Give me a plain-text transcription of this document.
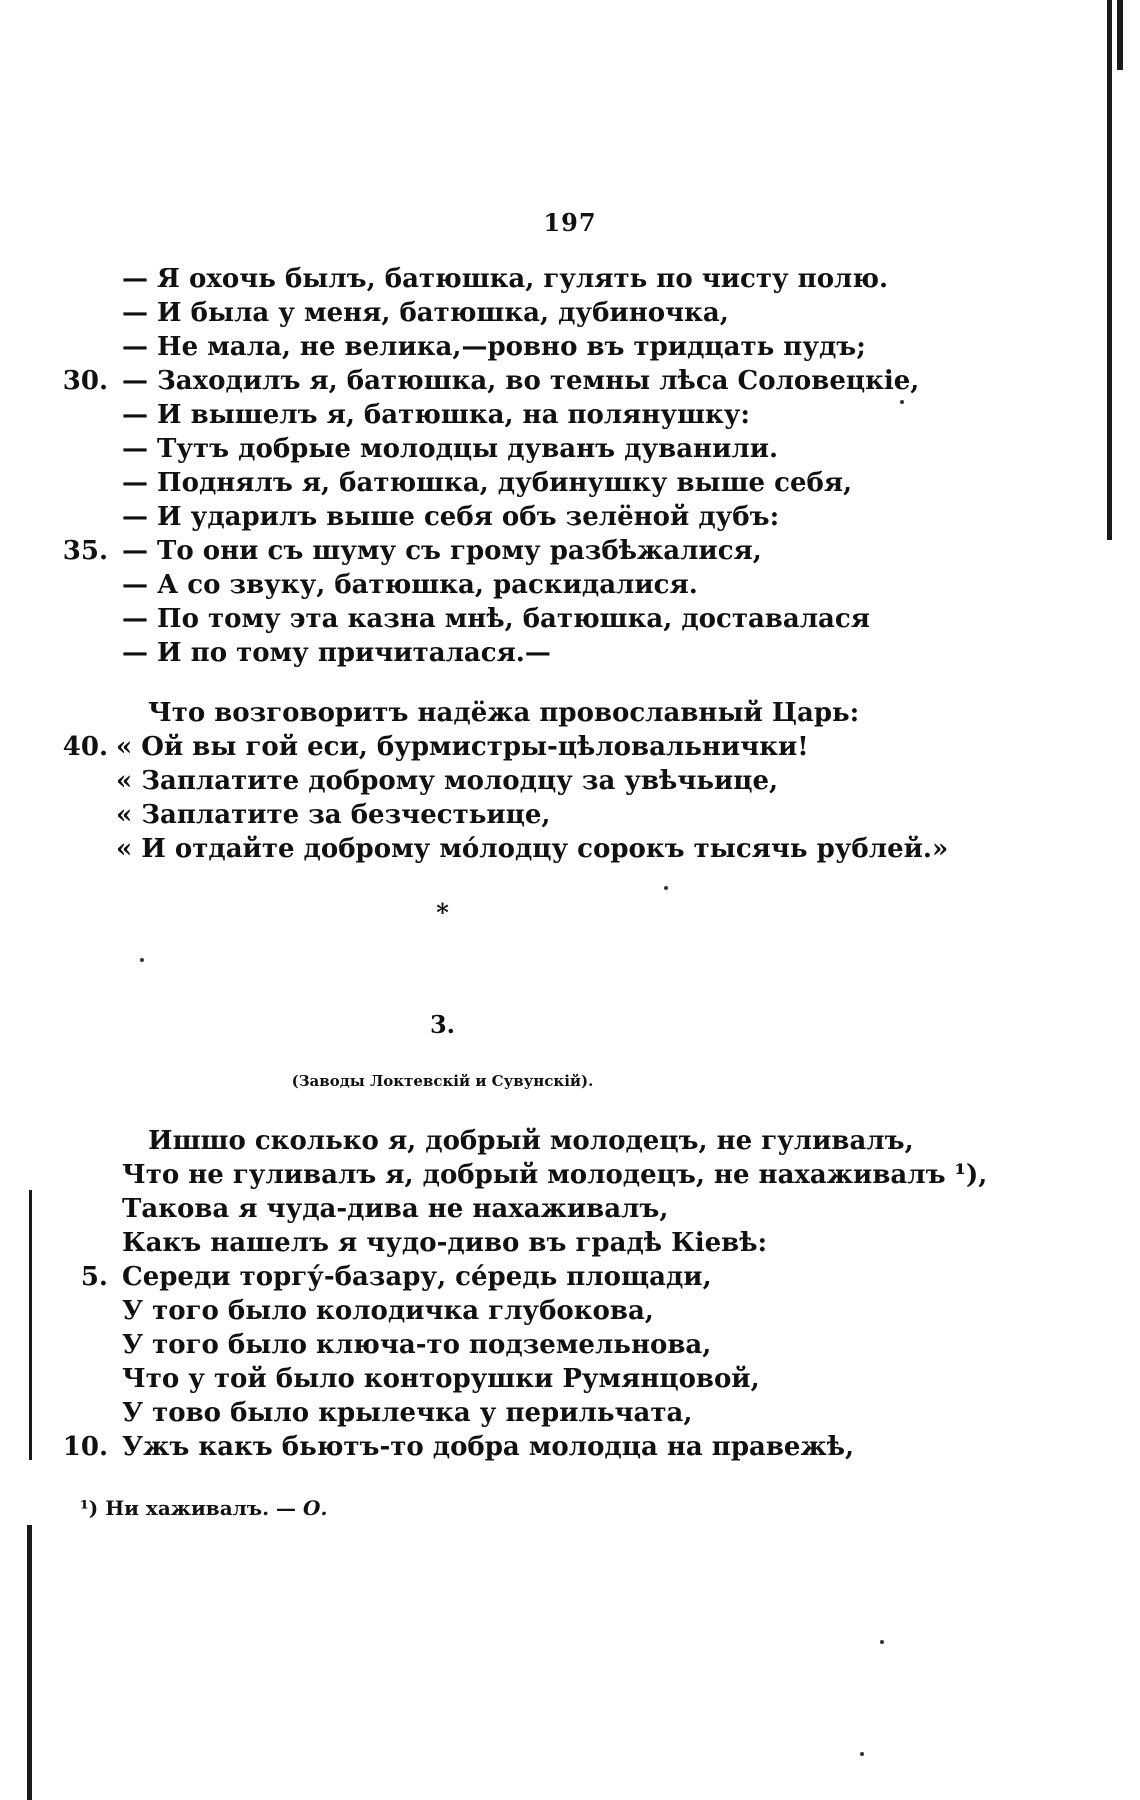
197
— Я охочь былъ, батюшка, гулять по чисту полю.
— И была у меня, батюшка, дубиночка,
— Не мала, не велика,—ровно въ тридцать пудъ;
30. — Заходилъ я, батюшка, во темны лѣса Соловецкіе,
— И вышелъ я, батюшка, на полянушку:
— Тутъ добрые молодцы дуванъ дуванили.
— Поднялъ я, батюшка, дубинушку выше себя,
— И ударилъ выше себя объ зелёной дубъ:
35. — То они съ шуму съ грому разбѣжалися,
— А со звуку, батюшка, раскидалися.
— По тому эта казна мнѣ, батюшка, доставалася
— И по тому причиталася.—
Что возговоритъ надёжа провославный Царь:
40. « Ой вы гой еси, бурмистры-цѣловальнички!
« Заплатите доброму молодцу за увѣчьице,
« Заплатите за безчестьице,
« И отдайте доброму мóлодцу сорокъ тысячь рублей.»
*
3.
(Заводы Локтевскій и Сувунскій).
Ишшо сколько я, добрый молодецъ, не гуливалъ,
Что не гуливалъ я, добрый молодецъ, не нахаживалъ ¹),
Такова я чуда-дива не нахаживалъ,
Какъ нашелъ я чудо-диво въ градѣ Кіевѣ:
5. Середи торгу́-базару, се́редь площади,
У того было колодичка глубокова,
У того было ключа-то подземельнова,
Что у той было конторушки Румянцовой,
У тово было крылечка у перильчата,
10. Ужъ какъ бьютъ-то добра молодца на правежѣ,
¹) Ни хаживалъ. — О.
